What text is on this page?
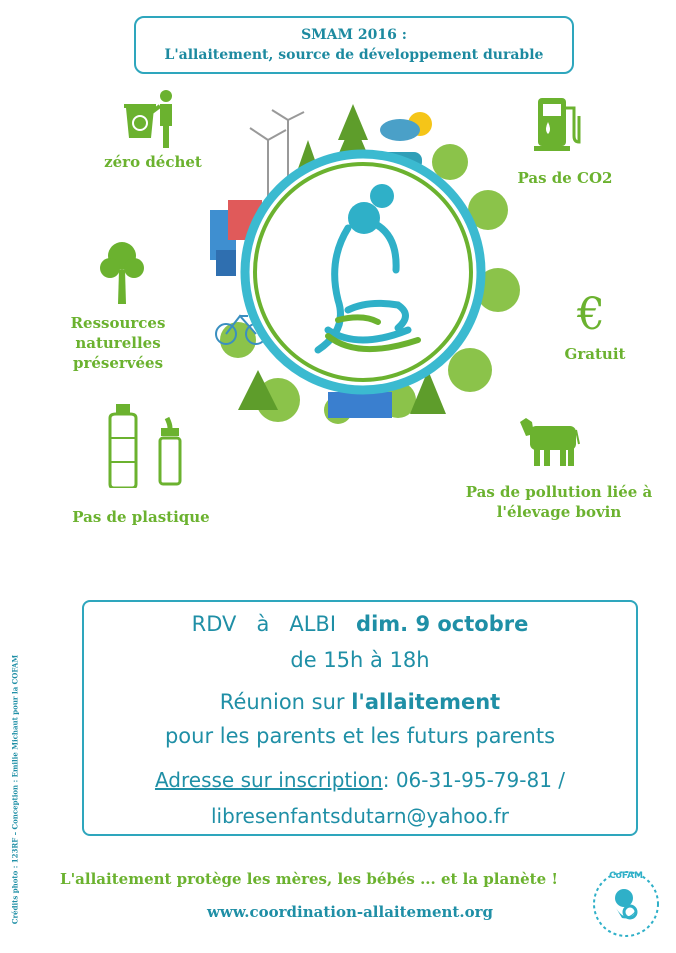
SMAM 2016 :
L'allaitement, source de développement durable
zéro déchet
Pas de CO2
Ressources
naturelles
préservées
€
Gratuit
Pas de plastique
Pas de pollution liée à
l'élevage bovin
RDV à ALBI dim. 9 octobre
de 15h à 18h
Réunion sur l'allaitement
pour les parents et les futurs parents
Adresse sur inscription: 06-31-95-79-81 /
libresenfantsdutarn@yahoo.fr
L'allaitement protège les mères, les bébés ... et la planète !
www.coordination-allaitement.org
Crédits photo : 123RF – Conception : Emilie Michaut pour la COFAM	CoFAM
